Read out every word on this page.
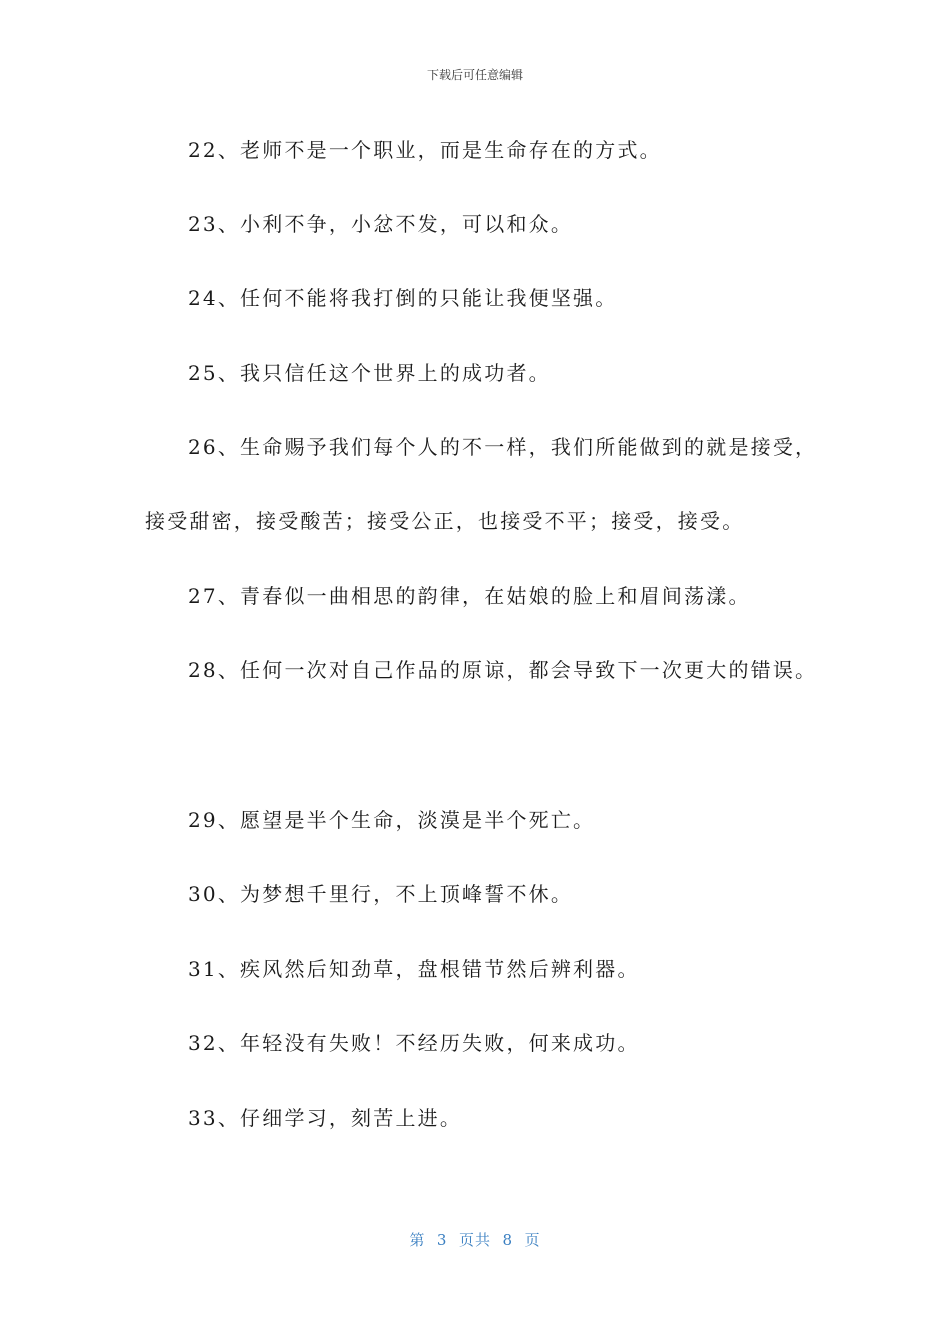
下载后可任意编辑
22、老师不是一个职业，而是生命存在的方式。
23、小利不争，小忿不发，可以和众。
24、任何不能将我打倒的只能让我便坚强。
25、我只信任这个世界上的成功者。
26、生命赐予我们每个人的不一样，我们所能做到的就是接受，
接受甜密，接受酸苦；接受公正，也接受不平；接受，接受。
27、青春似一曲相思的韵律，在姑娘的脸上和眉间荡漾。
28、任何一次对自己作品的原谅，都会导致下一次更大的错误。
29、愿望是半个生命，淡漠是半个死亡。
30、为梦想千里行，不上顶峰誓不休。
31、疾风然后知劲草，盘根错节然后辨利器。
32、年轻没有失败！不经历失败，何来成功。
33、仔细学习，刻苦上进。
第  3  页共  8  页
